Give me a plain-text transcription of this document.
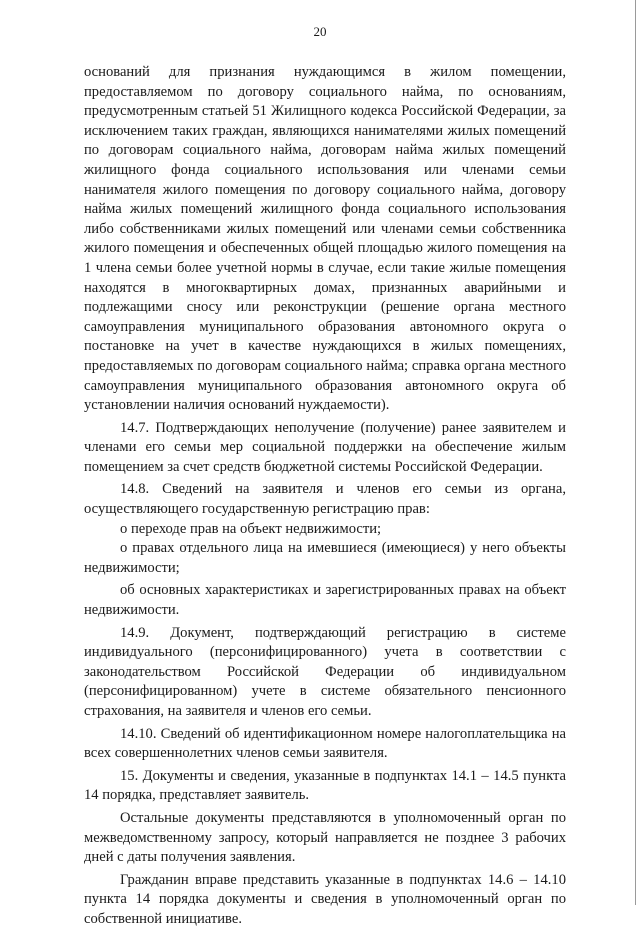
20

оснований для признания нуждающимся в жилом помещении, предоставляемом по договору социального найма, по основаниям, предусмотренным статьей 51 Жилищного кодекса Российской Федерации, за исключением таких граждан, являющихся нанимателями жилых помещений по договорам социального найма, договорам найма жилых помещений жилищного фонда социального использования или членами семьи нанимателя жилого помещения по договору социального найма, договору найма жилых помещений жилищного фонда социального использования либо собственниками жилых помещений или членами семьи собственника жилого помещения и обеспеченных общей площадью жилого помещения на 1 члена семьи более учетной нормы в случае, если такие жилые помещения находятся в многоквартирных домах, признанных аварийными и подлежащими сносу или реконструкции (решение органа местного самоуправления муниципального образования автономного округа о постановке на учет в качестве нуждающихся в жилых помещениях, предоставляемых по договорам социального найма; справка органа местного самоуправления муниципального образования автономного округа об установлении наличия оснований нуждаемости).

14.7. Подтверждающих неполучение (получение) ранее заявителем и членами его семьи мер социальной поддержки на обеспечение жилым помещением за счет средств бюджетной системы Российской Федерации.

14.8. Сведений на заявителя и членов его семьи из органа, осуществляющего государственную регистрацию прав:

о переходе прав на объект недвижимости;

о правах отдельного лица на имевшиеся (имеющиеся) у него объекты недвижимости;

об основных характеристиках и зарегистрированных правах на объект недвижимости.

14.9. Документ, подтверждающий регистрацию в системе индивидуального (персонифицированного) учета в соответствии с законодательством Российской Федерации об индивидуальном (персонифицированном) учете в системе обязательного пенсионного страхования, на заявителя и членов его семьи.

14.10. Сведений об идентификационном номере налогоплательщика на всех совершеннолетних членов семьи заявителя.

15. Документы и сведения, указанные в подпунктах 14.1 – 14.5 пункта 14 порядка, представляет заявитель.

Остальные документы представляются в уполномоченный орган по межведомственному запросу, который направляется не позднее 3 рабочих дней с даты получения заявления.

Гражданин вправе представить указанные в подпунктах 14.6 – 14.10 пункта 14 порядка документы и сведения в уполномоченный орган по собственной инициативе.
